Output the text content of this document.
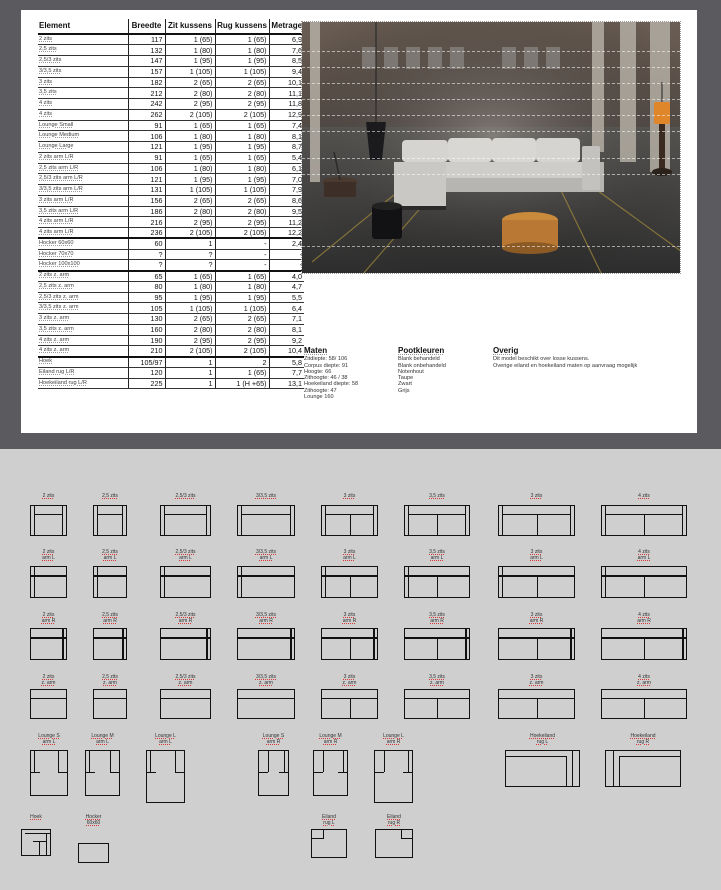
Element	Breedte	Zit kussens	Rug kussens	Metrage
2 zits	117	1 (65)	1 (65)	6,9
2,5 zits	132	1 (80)	1 (80)	7,6
2,5/3 zits	147	1 (95)	1 (95)	8,5
3/3,5 zits	157	1 (105)	1 (105)	9,4
3 zits	182	2 (65)	2 (65)	10,1
3,5 zits	212	2 (80)	2 (80)	11,1
4 zits	242	2 (95)	2 (95)	11,8
4 zits	262	2 (105)	2 (105)	12,9
Lounge Small	91	1 (65)	1 (65)	7,4
Lounge Medium	106	1 (80)	1 (80)	8,1
Lounge Large	121	1 (95)	1 (95)	8,7
2 zits arm L/R	91	1 (65)	1 (65)	5,4
2,5 zits arm L/R	106	1 (80)	1 (80)	6,1
2,5/3 zits arm L/R	121	1 (95)	1 (95)	7,0
3/3,5 zits arm L/R	131	1 (105)	1 (105)	7,9
3 zits arm L/R	156	2 (65)	2 (65)	8,6
3,5 zits arm L/R	186	2 (80)	2 (80)	9,5
4 zits arm L/R	216	2 (95)	2 (95)	11,2
4 zits arm L/R	236	2 (105)	2 (105)	12,2
Hocker 60x60	60	1	-	2,4
Hocker 70x70	?	?	-	-
Hocker 100x100	?	?	-	-
2 zits z. arm	65	1 (65)	1 (65)	4,0
2,5 zits z. arm	80	1 (80)	1 (80)	4,7
2,5/3 zits z. arm	95	1 (95)	1 (95)	5,5
3/3,5 zits z. arm	105	1 (105)	1 (105)	6,4
3 zits z. arm	130	2 (65)	2 (65)	7,1
3,5 zits z. arm	160	2 (80)	2 (80)	8,1
4 zits z. arm	190	2 (95)	2 (95)	9,2
4 zits z. arm	210	2 (105)	2 (105)	10,4
Hoek	105/97	1	2	5,8
Eiland rug L/R	120	1	1 (65)	7,7
Hoekeiland rug L/R	225	1	1 (H +65)	13,1
Maten
Zitdiepte: 58/ 106
Corpus diepte: 91
Hoogte: 66
Zithoogte: 46 / 38
Hoekeiland diepte: 58
Zithoogte: 47
Lounge 160
Pootkleuren
Blank behandeld
Blank onbehandeld
Notenhout
Taupe
Zwart
Grijs
Overig
Dit model beschikt over losse kussens.
Overige eiland en hoekeiland maten op aanvraag mogelijk
2 zits	2,5 zits	2,5/3 zits	3/3,5 zits	3 zits	3,5 zits	3 zits	4 zits
2 zits
arm L
2,5 zits
arm L
2,5/3 zits
arm L
3/3,5 zits
arm L
3 zits
arm L
3,5 zits
arm L
3 zits
arm L
4 zits
arm L
2 zits
arm R
2,5 zits
arm R
2,5/3 zits
arm R
3/3,5 zits
arm R
3 zits
arm R
3,5 zits
arm R
3 zits
arm R
4 zits
arm R
2 zits
z. arm
2,5 zits
z. arm
2,5/3 zits
z. arm
3/3,5 zits
z. arm
3 zits
z. arm
3,5 zits
z. arm
3 zits
z. arm
4 zits
z. arm
Lounge S
arm L
Lounge M
arm L
Lounge L
arm L
Lounge S
arm R
Lounge M
arm R
Lounge L
arm R
Hoekeiland
rug L
Hoekeiland
rug R
Hoek	Hocker
60x60
Eiland
rug L
Eiland
rug R
